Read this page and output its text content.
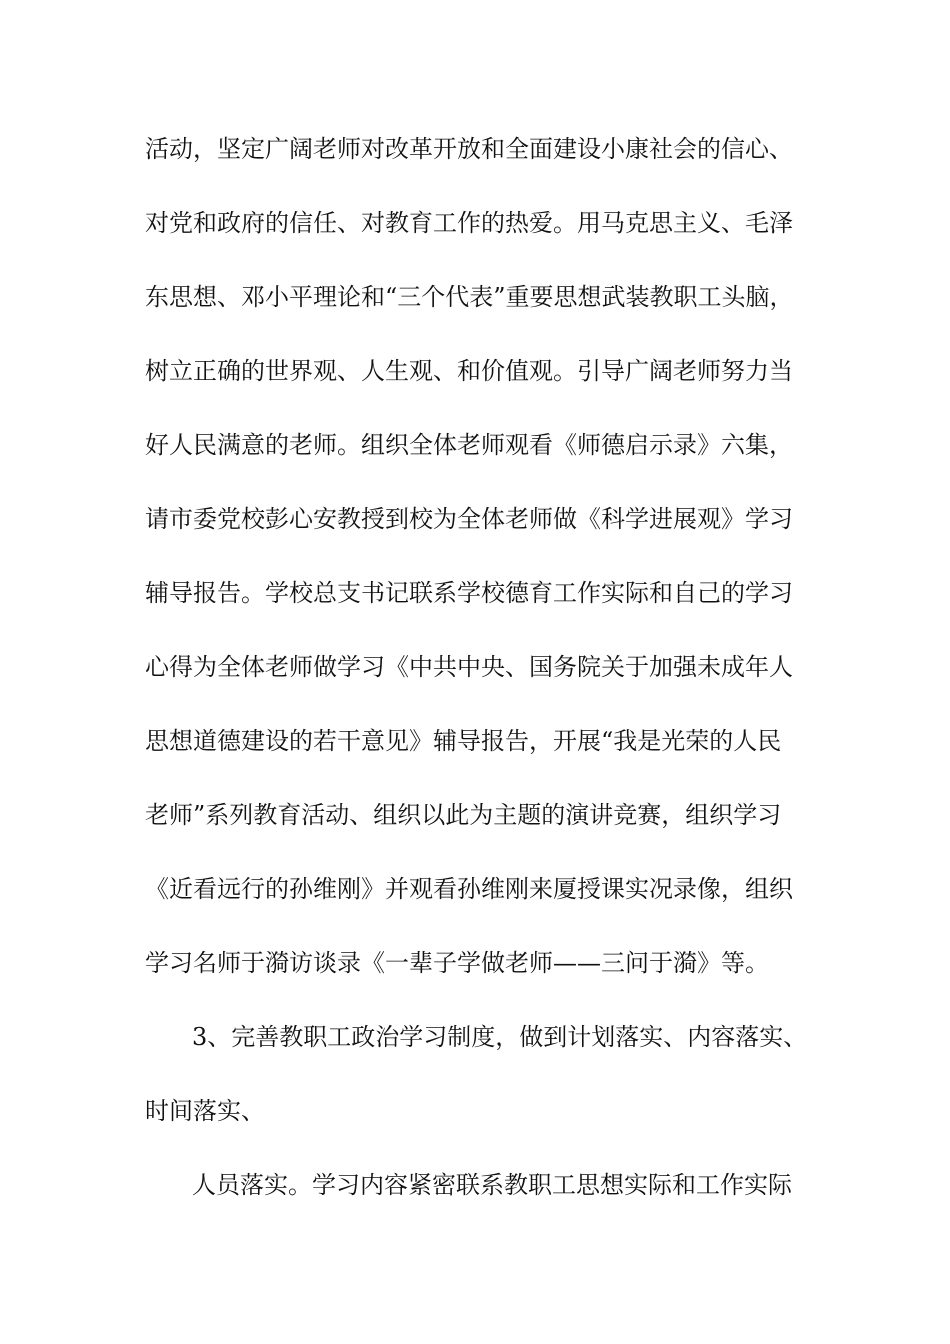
活动，坚定广阔老师对改革开放和全面建设小康社会的信心、

对党和政府的信任、对教育工作的热爱。用马克思主义、毛泽

东思想、邓小平理论和“三个代表”重要思想武装教职工头脑，

树立正确的世界观、人生观、和价值观。引导广阔老师努力当

好人民满意的老师。组织全体老师观看《师德启示录》六集，

请市委党校彭心安教授到校为全体老师做《科学进展观》学习

辅导报告。学校总支书记联系学校德育工作实际和自己的学习

心得为全体老师做学习《中共中央、国务院关于加强未成年人

思想道德建设的若干意见》辅导报告，开展“我是光荣的人民

老师”系列教育活动、组织以此为主题的演讲竞赛，组织学习

《近看远行的孙维刚》并观看孙维刚来厦授课实况录像，组织

学习名师于漪访谈录《一辈子学做老师——三问于漪》等。

3、完善教职工政治学习制度，做到计划落实、内容落实、

时间落实、

人员落实。学习内容紧密联系教职工思想实际和工作实际
